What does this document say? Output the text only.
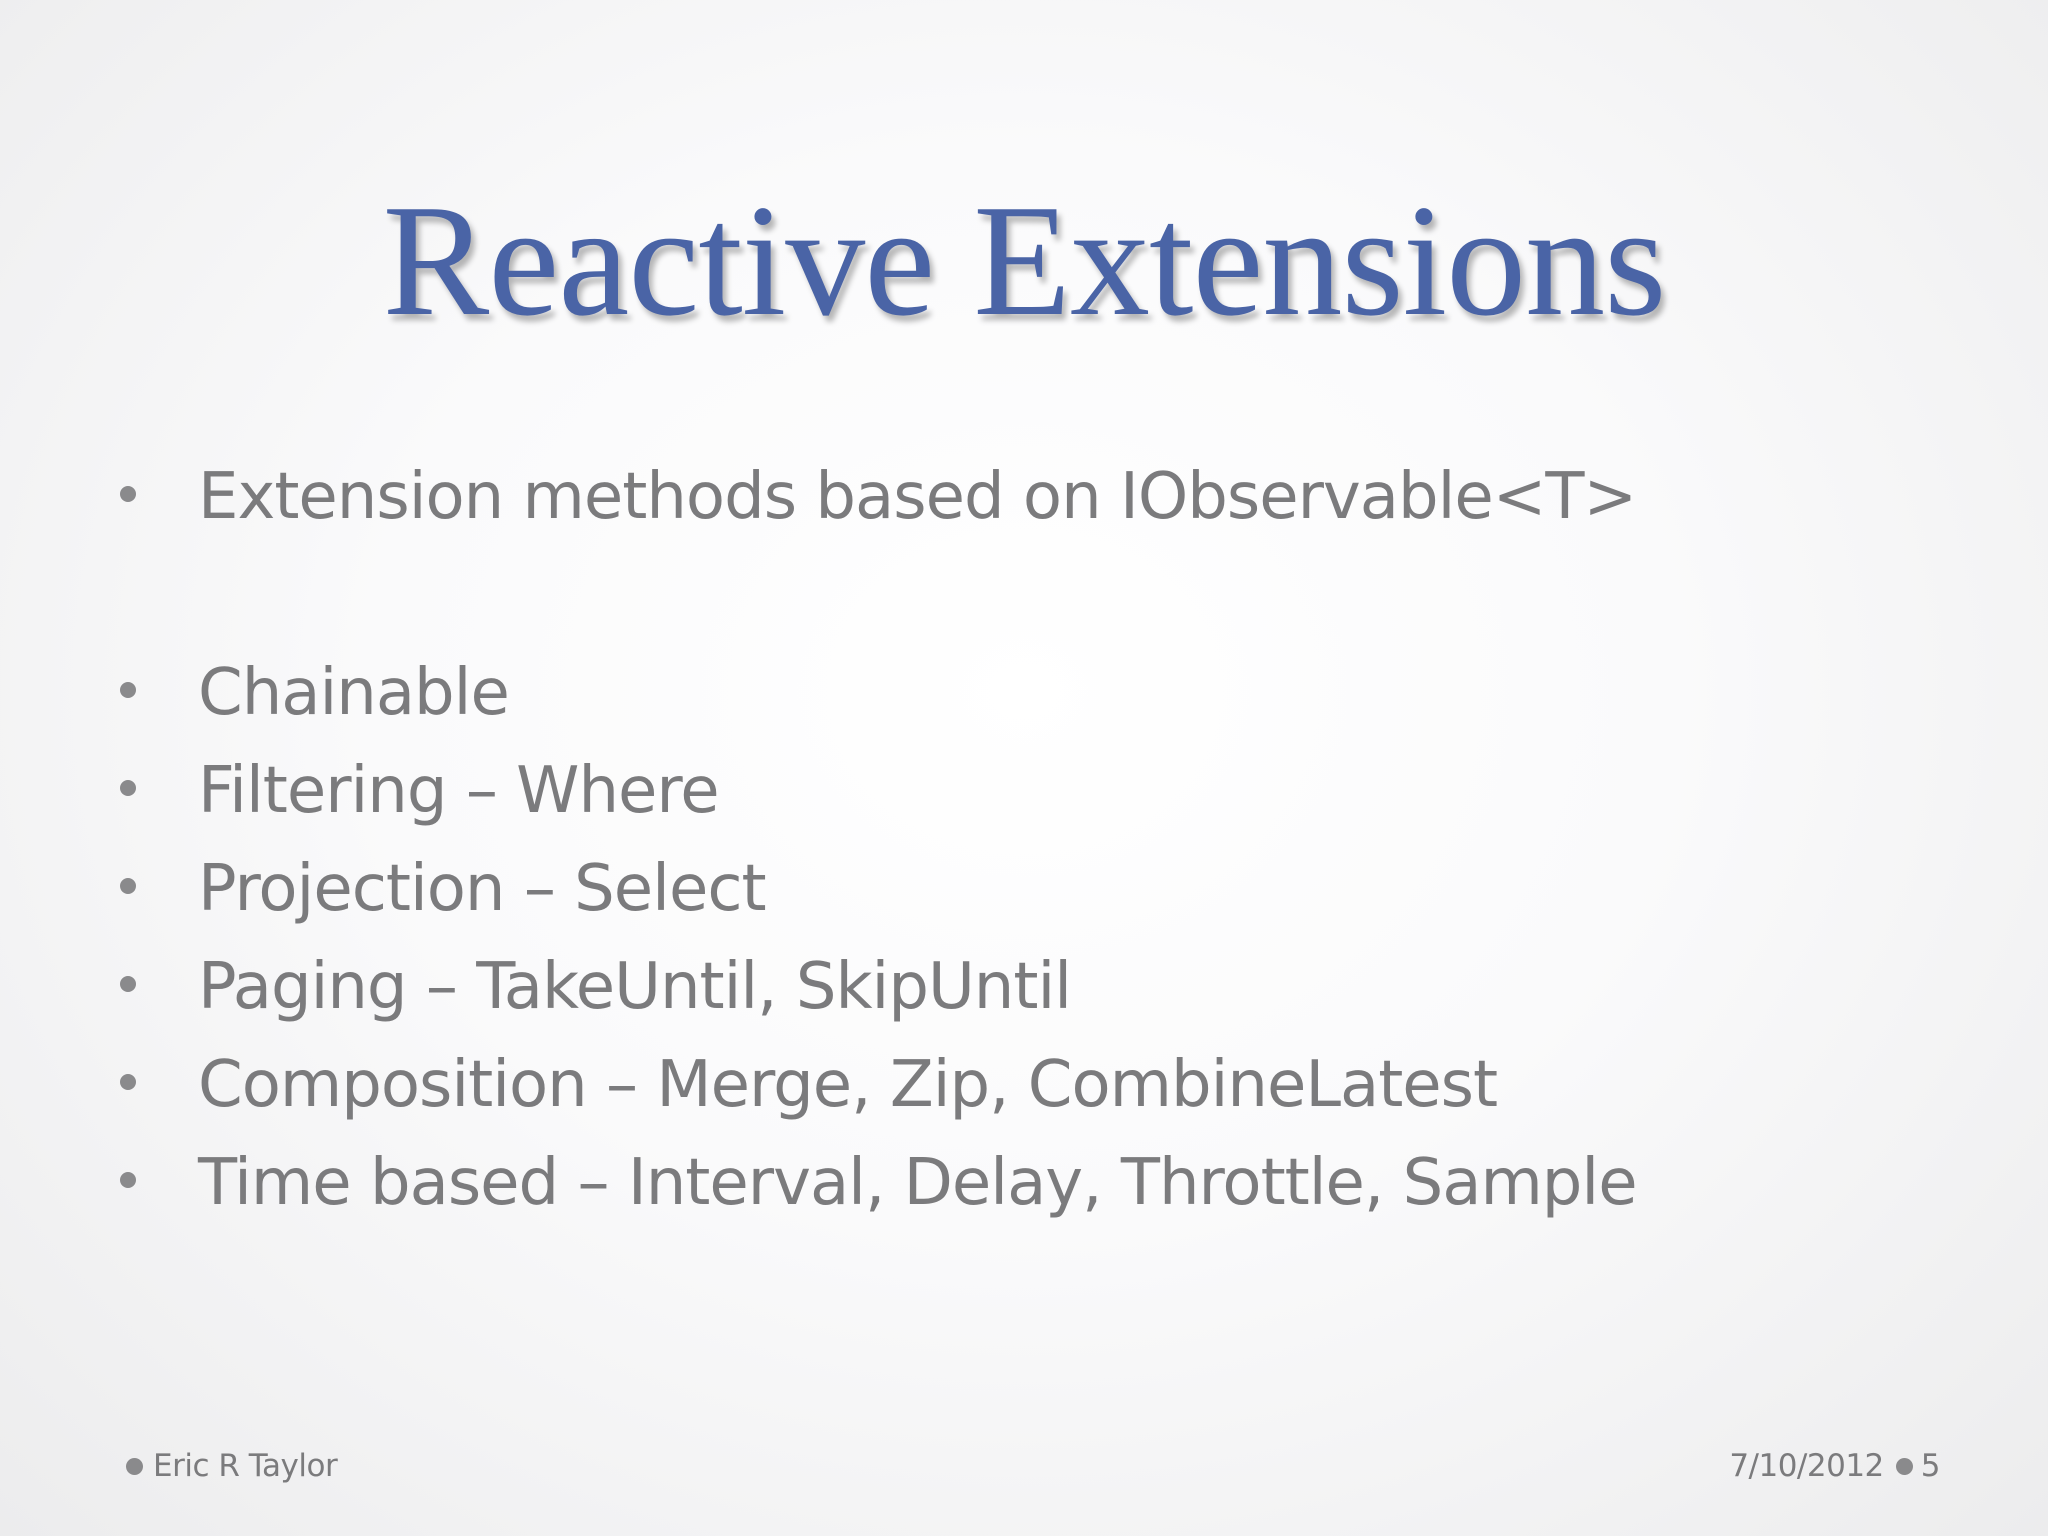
Reactive Extensions
Extension methods based on IObservable<T>
Chainable
Filtering – Where
Projection – Select
Paging – TakeUntil, SkipUntil
Composition – Merge, Zip, CombineLatest
Time based – Interval, Delay, Throttle, Sample
Eric R Taylor	7/10/2012 5
